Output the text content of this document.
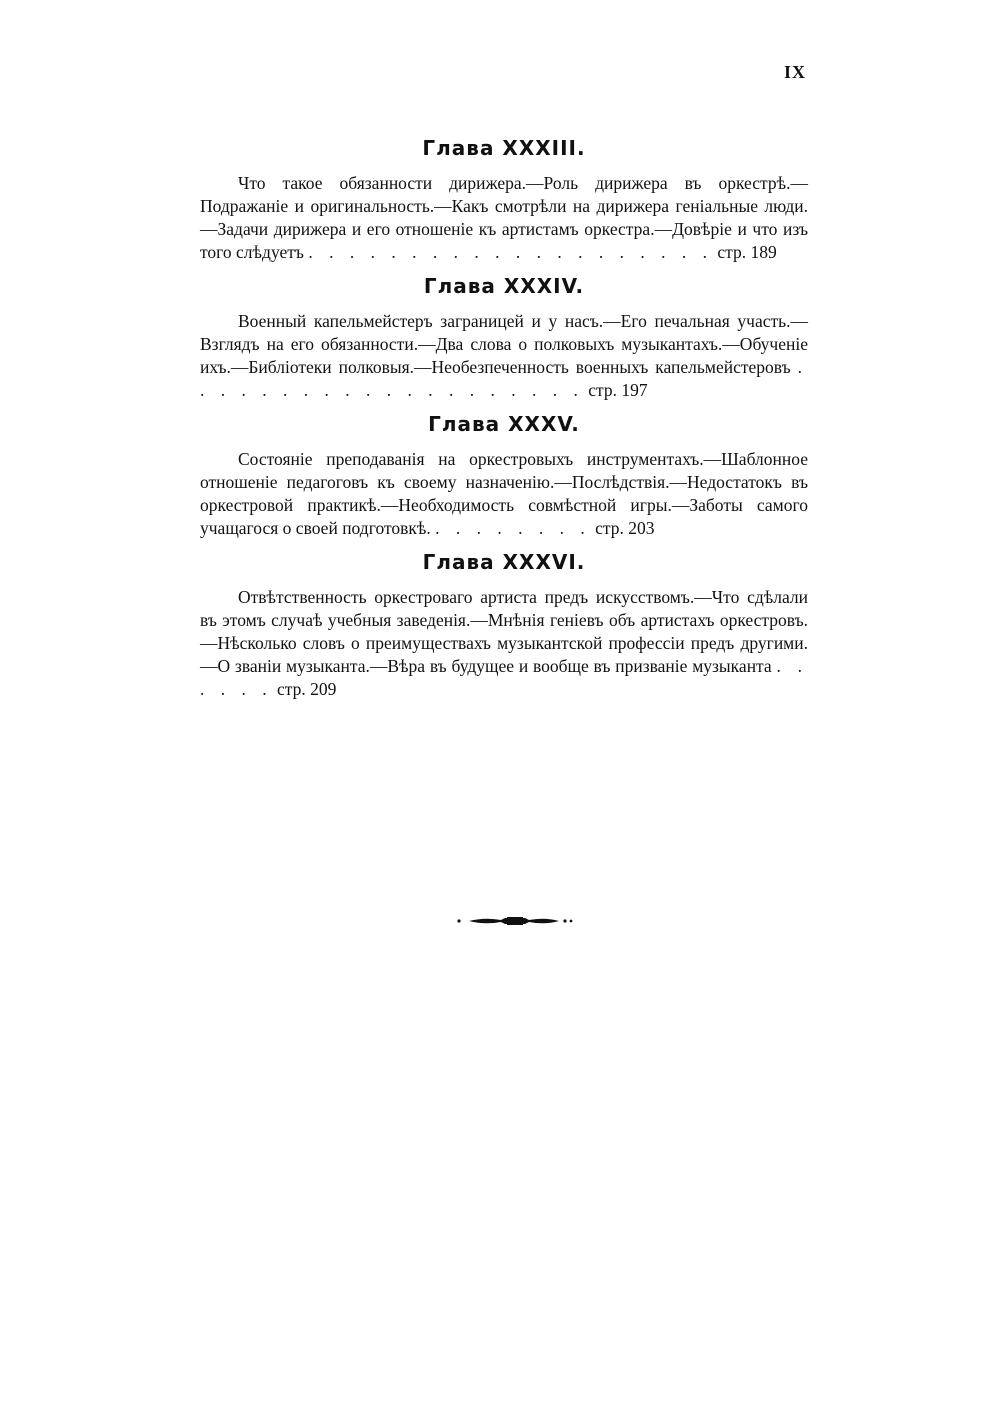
IX

Глава XXXIII.

Что такое обязанности дирижера.—Роль дирижера въ оркестрѣ.—Подражаніе и оригинальность.—Какъ смотрѣли на дирижера геніальные люди.—Задачи дирижера и его отношеніе къ артистамъ оркестра.—Довѣріе и что изъ того слѣдуетъ . . . . . . . . . . . . . . . . . . . . стр. 189

Глава XXXIV.

Военный капельмейстеръ заграницей и у насъ.—Его печальная участь.—Взглядъ на его обязанности.—Два слова о полковыхъ музыкантахъ.—Обученіе ихъ.—Библіотеки полковыя.—Необезпеченность военныхъ капельмейстеровъ . . . . . . . . . . . . . . . . . . . . стр. 197

Глава XXXV.

Состояніе преподаванія на оркестровыхъ инструментахъ.—Шаблонное отношеніе педагоговъ къ своему назначенію.—Послѣдствія.—Недостатокъ въ оркестровой практикѣ.—Необходимость совмѣстной игры.—Заботы самого учащагося о своей подготовкѣ. . . . . . . . . стр. 203

Глава XXXVI.

Отвѣтственность оркестроваго артиста предъ искусствомъ.—Что сдѣлали въ этомъ случаѣ учебныя заведенія.—Мнѣнія геніевъ объ артистахъ оркестровъ.—Нѣсколько словъ о преимуществахъ музыкантской профессіи предъ другими.—О званіи музыканта.—Вѣра въ будущее и вообще въ призваніе музыканта . . . . . . стр. 209
